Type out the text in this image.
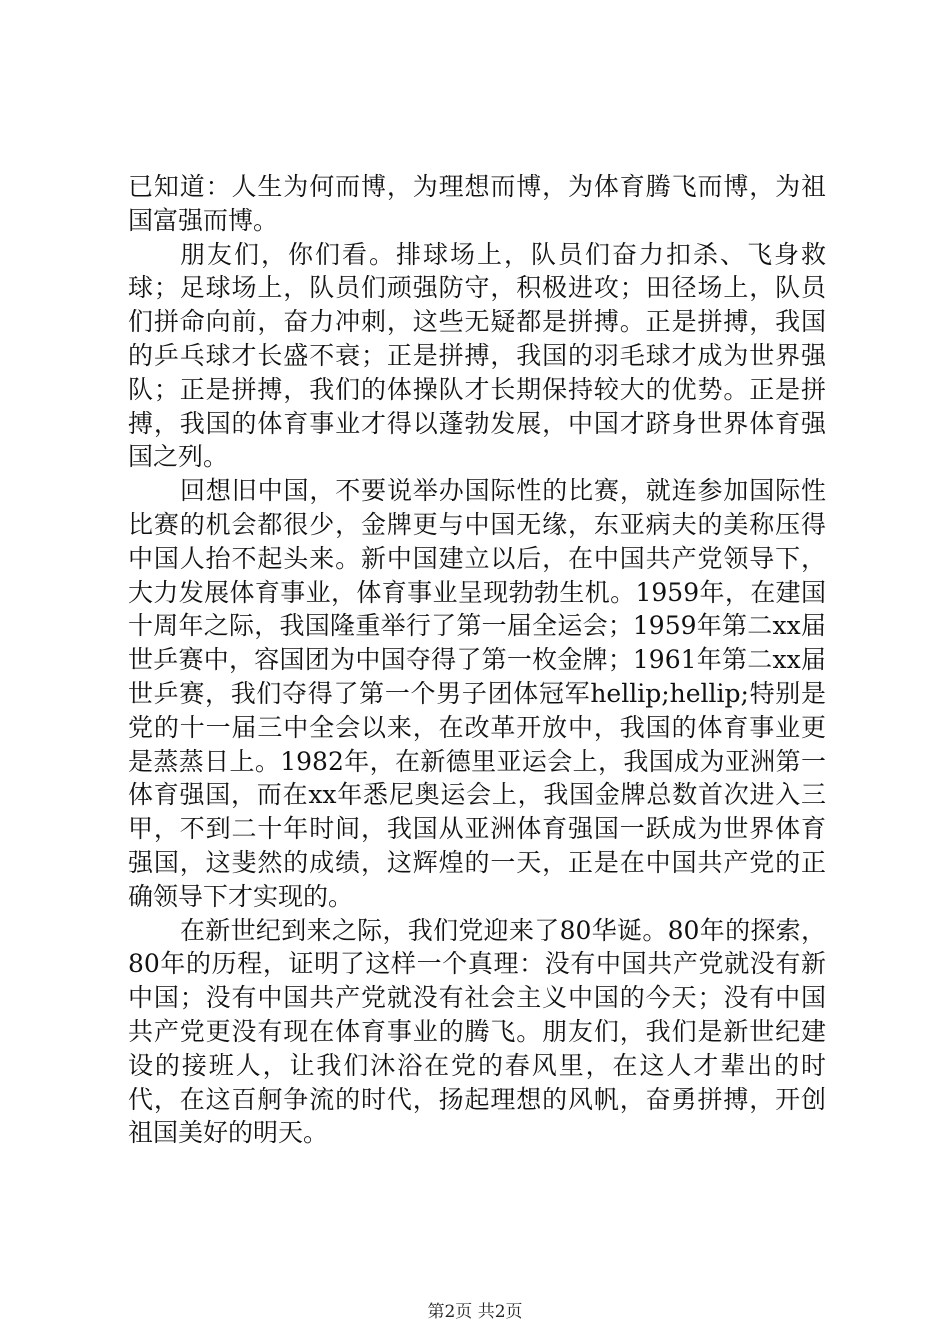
已知道：人生为何而博，为理想而博，为体育腾飞而博，为祖国富强而博。

朋友们，你们看。排球场上，队员们奋力扣杀、飞身救球；足球场上，队员们顽强防守，积极进攻；田径场上，队员们拼命向前，奋力冲刺，这些无疑都是拼搏。正是拼搏，我国的乒乓球才长盛不衰；正是拼搏，我国的羽毛球才成为世界强队；正是拼搏，我们的体操队才长期保持较大的优势。正是拼搏，我国的体育事业才得以蓬勃发展，中国才跻身世界体育强国之列。

回想旧中国，不要说举办国际性的比赛，就连参加国际性比赛的机会都很少，金牌更与中国无缘，东亚病夫的美称压得中国人抬不起头来。新中国建立以后，在中国共产党领导下，大力发展体育事业，体育事业呈现勃勃生机。1959年，在建国十周年之际，我国隆重举行了第一届全运会；1959年第二xx届世乒赛中，容国团为中国夺得了第一枚金牌；1961年第二xx届世乒赛，我们夺得了第一个男子团体冠军hellip;hellip;特别是党的十一届三中全会以来，在改革开放中，我国的体育事业更是蒸蒸日上。1982年，在新德里亚运会上，我国成为亚洲第一体育强国，而在xx年悉尼奥运会上，我国金牌总数首次进入三甲，不到二十年时间，我国从亚洲体育强国一跃成为世界体育强国，这斐然的成绩，这辉煌的一天，正是在中国共产党的正确领导下才实现的。

在新世纪到来之际，我们党迎来了80华诞。80年的探索，80年的历程，证明了这样一个真理：没有中国共产党就没有新中国；没有中国共产党就没有社会主义中国的今天；没有中国共产党更没有现在体育事业的腾飞。朋友们，我们是新世纪建设的接班人，让我们沐浴在党的春风里，在这人才辈出的时代，在这百舸争流的时代，扬起理想的风帆，奋勇拼搏，开创祖国美好的明天。

第2页 共2页
